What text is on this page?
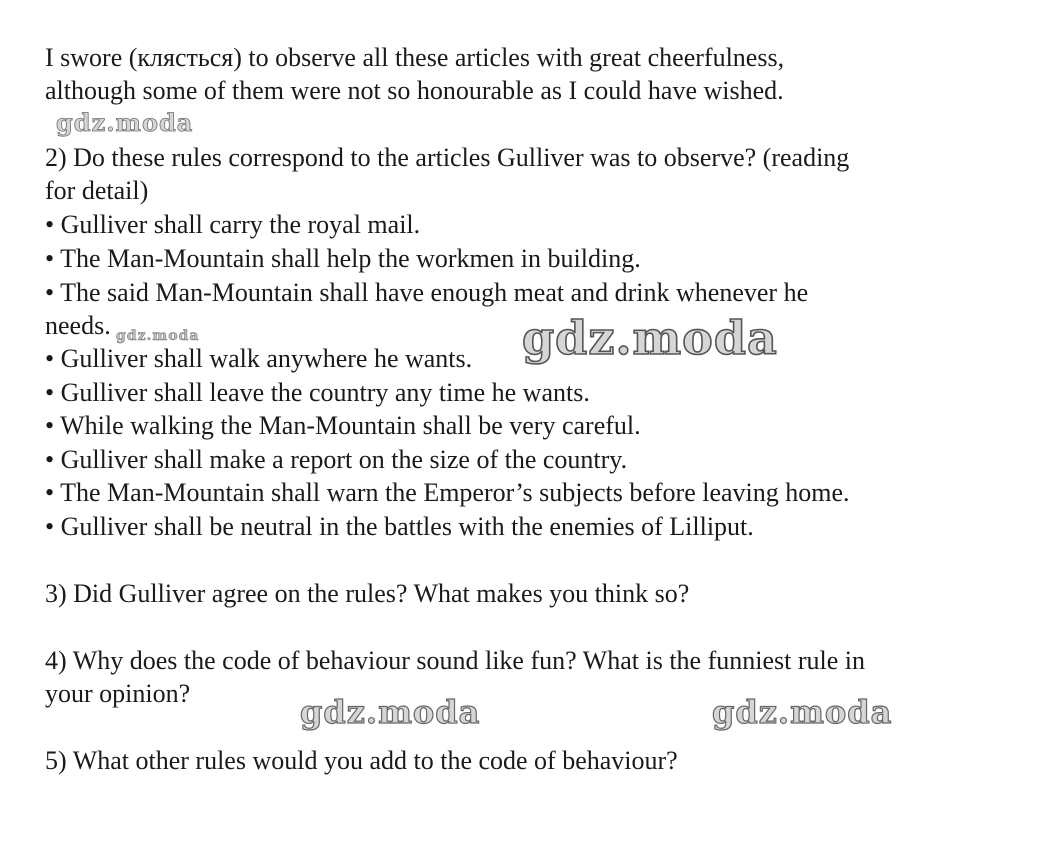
I swore (клясться) to observe all these articles with great cheerfulness,
although some of them were not so honourable as I could have wished.
2) Do these rules correspond to the articles Gulliver was to observe? (reading
for detail)
• Gulliver shall carry the royal mail.
• The Man-Mountain shall help the workmen in building.
• The said Man-Mountain shall have enough meat and drink whenever he
needs.
• Gulliver shall walk anywhere he wants.
• Gulliver shall leave the country any time he wants.
• While walking the Man-Mountain shall be very careful.
• Gulliver shall make a report on the size of the country.
• The Man-Mountain shall warn the Emperor’s subjects before leaving home.
• Gulliver shall be neutral in the battles with the enemies of Lilliput.
3) Did Gulliver agree on the rules? What makes you think so?
4) Why does the code of behaviour sound like fun? What is the funniest rule in
your opinion?
5) What other rules would you add to the code of behaviour?
gdz.moda
gdz.moda	gdz.moda
gdz.moda	gdz.moda
